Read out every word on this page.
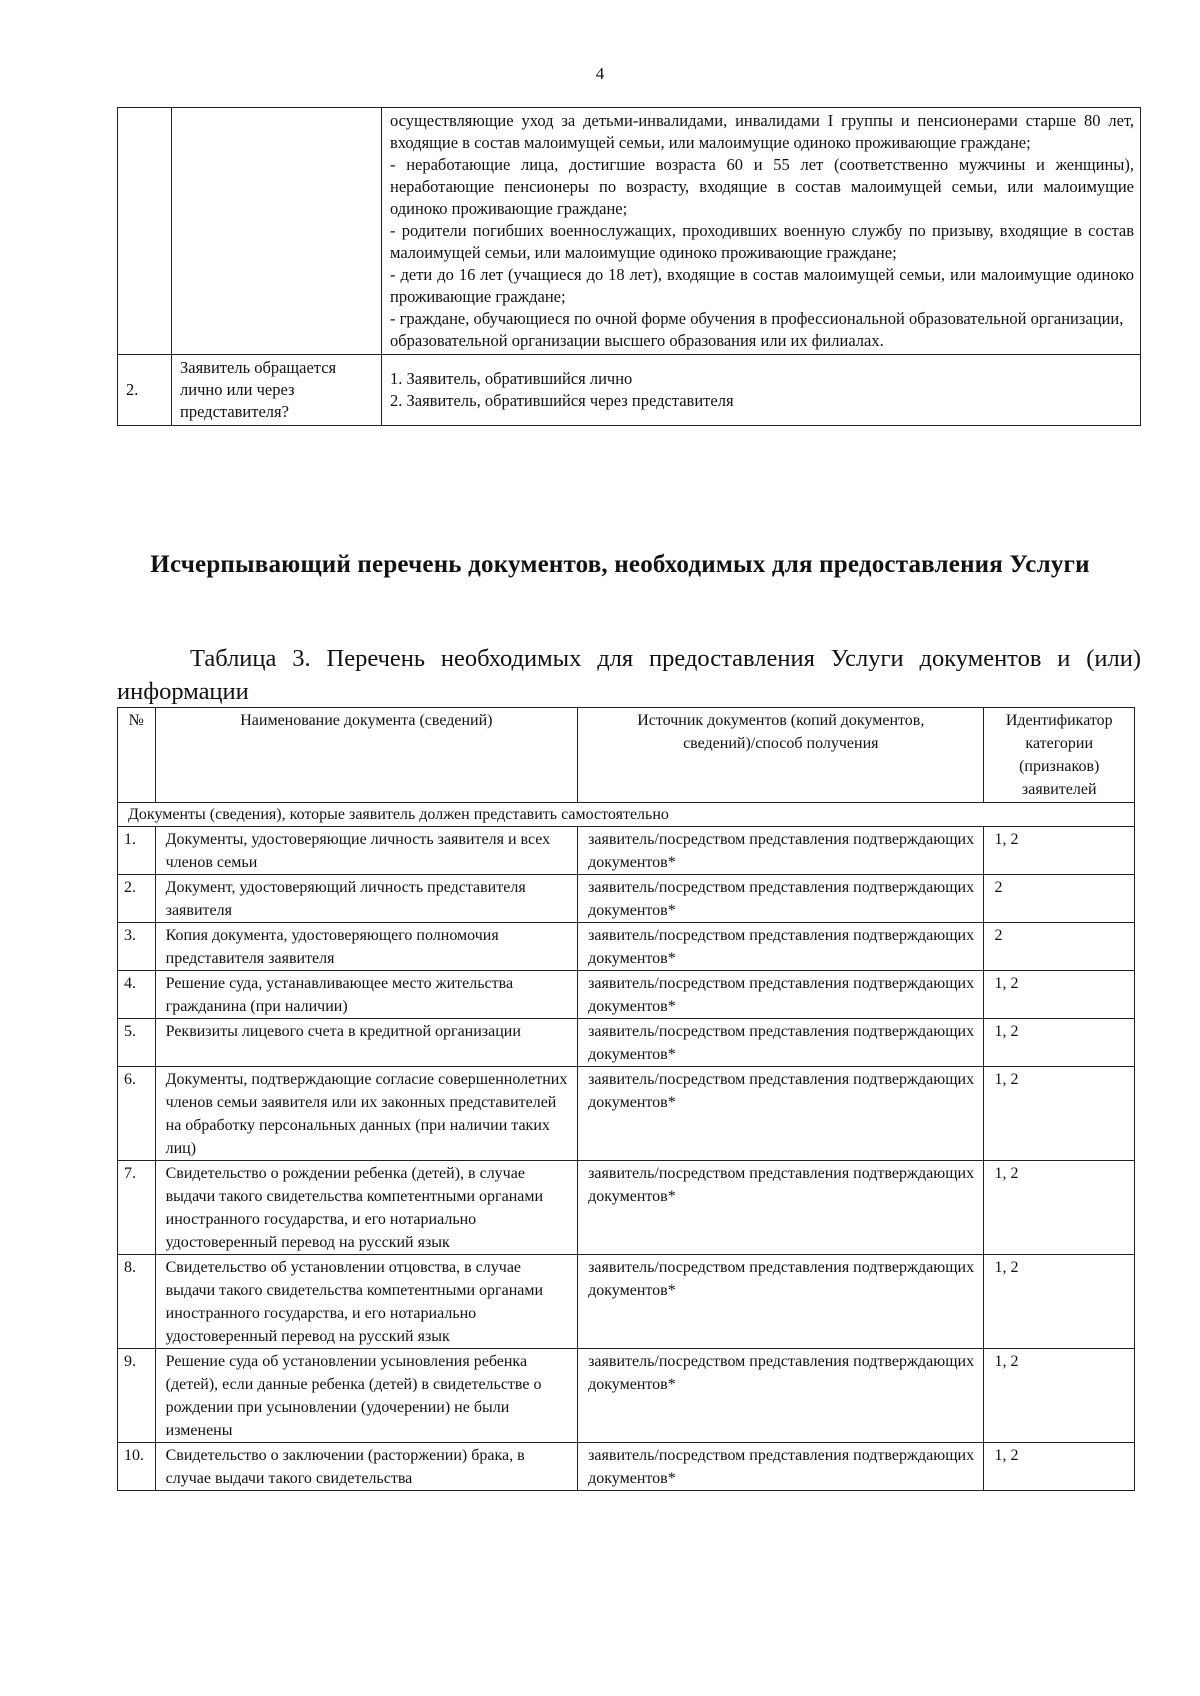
4

		осуществляющие уход за детьми-инвалидами, инвалидами I группы и пенсионерами старше 80 лет, входящие в состав малоимущей семьи, или малоимущие одиноко проживающие граждане;

- неработающие лица, достигшие возраста 60 и 55 лет (соответственно мужчины и женщины), неработающие пенсионеры по возрасту, входящие в состав малоимущей семьи, или малоимущие одиноко проживающие граждане;

- родители погибших военнослужащих, проходивших военную службу по призыву, входящие в состав малоимущей семьи, или малоимущие одиноко проживающие граждане;

- дети до 16 лет (учащиеся до 18 лет), входящие в состав малоимущей семьи, или малоимущие одиноко проживающие граждане;

- граждане, обучающиеся по очной форме обучения в профессиональной образовательной организации, образовательной организации высшего образования или их филиалах.

2.	Заявитель обращается лично или через представителя?	1. Заявитель, обратившийся лично
2. Заявитель, обратившийся через представителя
Исчерпывающий перечень документов, необходимых для предоставления Услуги

Таблица 3. Перечень необходимых для предоставления Услуги документов и (или) информации

№	Наименование документа (сведений)	Источник документов (копий документов, сведений)/способ получения	Идентификатор категории (признаков) заявителей
Документы (сведения), которые заявитель должен представить самостоятельно			
1.	Документы, удостоверяющие личность заявителя и всех членов семьи	заявитель/посредством представления подтверждающих документов*	1, 2
2.	Документ, удостоверяющий личность представителя заявителя	заявитель/посредством представления подтверждающих документов*	2
3.	Копия документа, удостоверяющего полномочия представителя заявителя	заявитель/посредством представления подтверждающих документов*	2
4.	Решение суда, устанавливающее место жительства гражданина (при наличии)	заявитель/посредством представления подтверждающих документов*	1, 2
5.	Реквизиты лицевого счета в кредитной организации	заявитель/посредством представления подтверждающих документов*	1, 2
6.	Документы, подтверждающие согласие совершеннолетних членов семьи заявителя или их законных представителей на обработку персональных данных (при наличии таких лиц)	заявитель/посредством представления подтверждающих документов*	1, 2
7.	Свидетельство о рождении ребенка (детей), в случае выдачи такого свидетельства компетентными органами иностранного государства, и его нотариально удостоверенный перевод на русский язык	заявитель/посредством представления подтверждающих документов*	1, 2
8.	Свидетельство об установлении отцовства, в случае выдачи такого свидетельства компетентными органами иностранного государства, и его нотариально удостоверенный перевод на русский язык	заявитель/посредством представления подтверждающих документов*	1, 2
9.	Решение суда об установлении усыновления ребенка (детей), если данные ребенка (детей) в свидетельстве о рождении при усыновлении (удочерении) не были изменены	заявитель/посредством представления подтверждающих документов*	1, 2
10.	Свидетельство о заключении (расторжении) брака, в случае выдачи такого свидетельства	заявитель/посредством представления подтверждающих документов*	1, 2
